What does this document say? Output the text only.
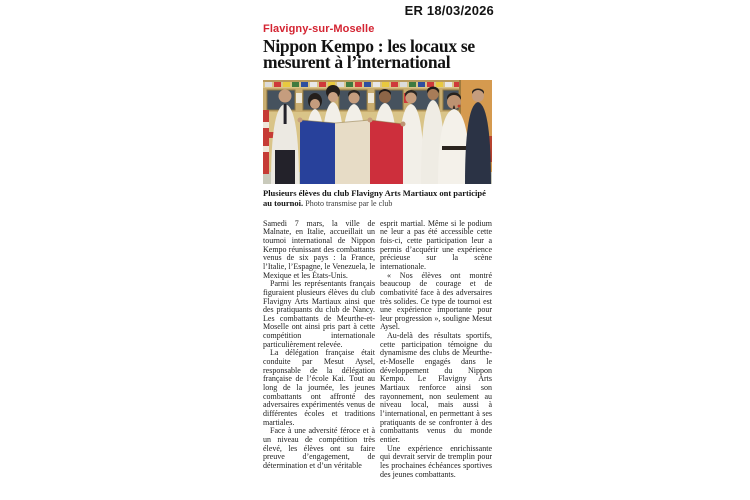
ER 18/03/2026
Flavigny-sur-Moselle
Nippon Kempo : les locaux se mesurent à l’international
Plusieurs élèves du club Flavigny Arts Martiaux ont participé au tournoi. Photo transmise par le club

Samedi 7 mars, la ville de Malnate, en Italie, accueillait un tournoi international de Nippon Kempo réunissant des combattants venus de six pays : la France, l’Italie, l’Espagne, le Venezuela, le Mexique et les États-Unis.

Parmi les représentants français figuraient plusieurs élèves du club Flavigny Arts Martiaux ainsi que des pratiquants du club de Nancy. Les combattants de Meurthe-et-Moselle ont ainsi pris part à cette compétition internationale particulièrement relevée.

La délégation française était conduite par Mesut Aysel, responsable de la délégation française de l’école Kai. Tout au long de la journée, les jeunes combattants ont affronté des adversaires expérimentés venus de différentes écoles et traditions martiales.

Face à une adversité féroce et à un niveau de compétition très élevé, les élèves ont su faire preuve d’engagement, de détermination et d’un véritable

esprit martial. Même si le podium ne leur a pas été accessible cette fois-ci, cette participation leur a permis d’acquérir une expérience précieuse sur la scène internationale.

« Nos élèves ont montré beaucoup de courage et de combativité face à des adversaires très solides. Ce type de tournoi est une expérience importante pour leur progression », souligne Mesut Aysel.

Au-delà des résultats sportifs, cette participation témoigne du dynamisme des clubs de Meurthe-et-Moselle engagés dans le développement du Nippon Kempo. Le Flavigny Arts Martiaux renforce ainsi son rayonnement, non seulement au niveau local, mais aussi à l’international, en permettant à ses pratiquants de se confronter à des combattants venus du monde entier.

Une expérience enrichissante qui devrait servir de tremplin pour les prochaines échéances sportives des jeunes combattants.
